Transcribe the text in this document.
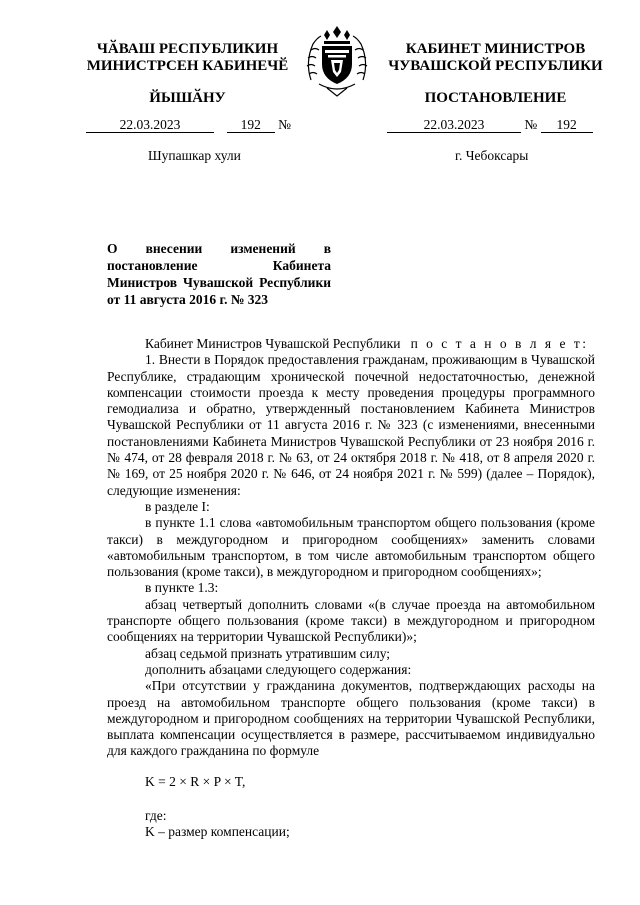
ЧӐВАШ РЕСПУБЛИКИН
МИНИСТРСЕН КАБИНЕЧӖ
ЙЫШӐНУ
КАБИНЕТ МИНИСТРОВ
ЧУВАШСКОЙ РЕСПУБЛИКИ
ПОСТАНОВЛЕНИЕ
22.03.2023	192 №	22.03.2023	№ 192
Шупашкар хули	г. Чебоксары
О внесении изменений в постановление Кабинета Министров Чувашской Республики от 11 августа 2016 г. № 323

Кабинет Министров Чувашской Республики п о с т а н о в л я е т:

1. Внести в Порядок предоставления гражданам, проживающим в Чувашской Республике, страдающим хронической почечной недостаточностью, денежной компенсации стоимости проезда к месту проведения процедуры программного гемодиализа и обратно, утвержденный постановлением Кабинета Министров Чувашской Республики от 11 августа 2016 г. № 323 (с изменениями, внесенными постановлениями Кабинета Министров Чувашской Республики от 23 ноября 2016 г. № 474, от 28 февраля 2018 г. № 63, от 24 октября 2018 г. № 418, от 8 апреля 2020 г. № 169, от 25 ноября 2020 г. № 646, от 24 ноября 2021 г. № 599) (далее – Порядок), следующие изменения:

в разделе I:

в пункте 1.1 слова «автомобильным транспортом общего пользования (кроме такси) в междугородном и пригородном сообщениях» заменить словами «автомобильным транспортом, в том числе автомобильным транспортом общего пользования (кроме такси), в междугородном и пригородном сообщениях»;

в пункте 1.3:

абзац четвертый дополнить словами «(в случае проезда на автомобильном транспорте общего пользования (кроме такси) в междугородном и пригородном сообщениях на территории Чувашской Республики)»;

абзац седьмой признать утратившим силу;

дополнить абзацами следующего содержания:

«При отсутствии у гражданина документов, подтверждающих расходы на проезд на автомобильном транспорте общего пользования (кроме такси) в междугородном и пригородном сообщениях на территории Чувашской Республики, выплата компенсации осуществляется в размере, рассчитываемом индивидуально для каждого гражданина по формуле

K = 2 × R × P × T,

где:

K – размер компенсации;
